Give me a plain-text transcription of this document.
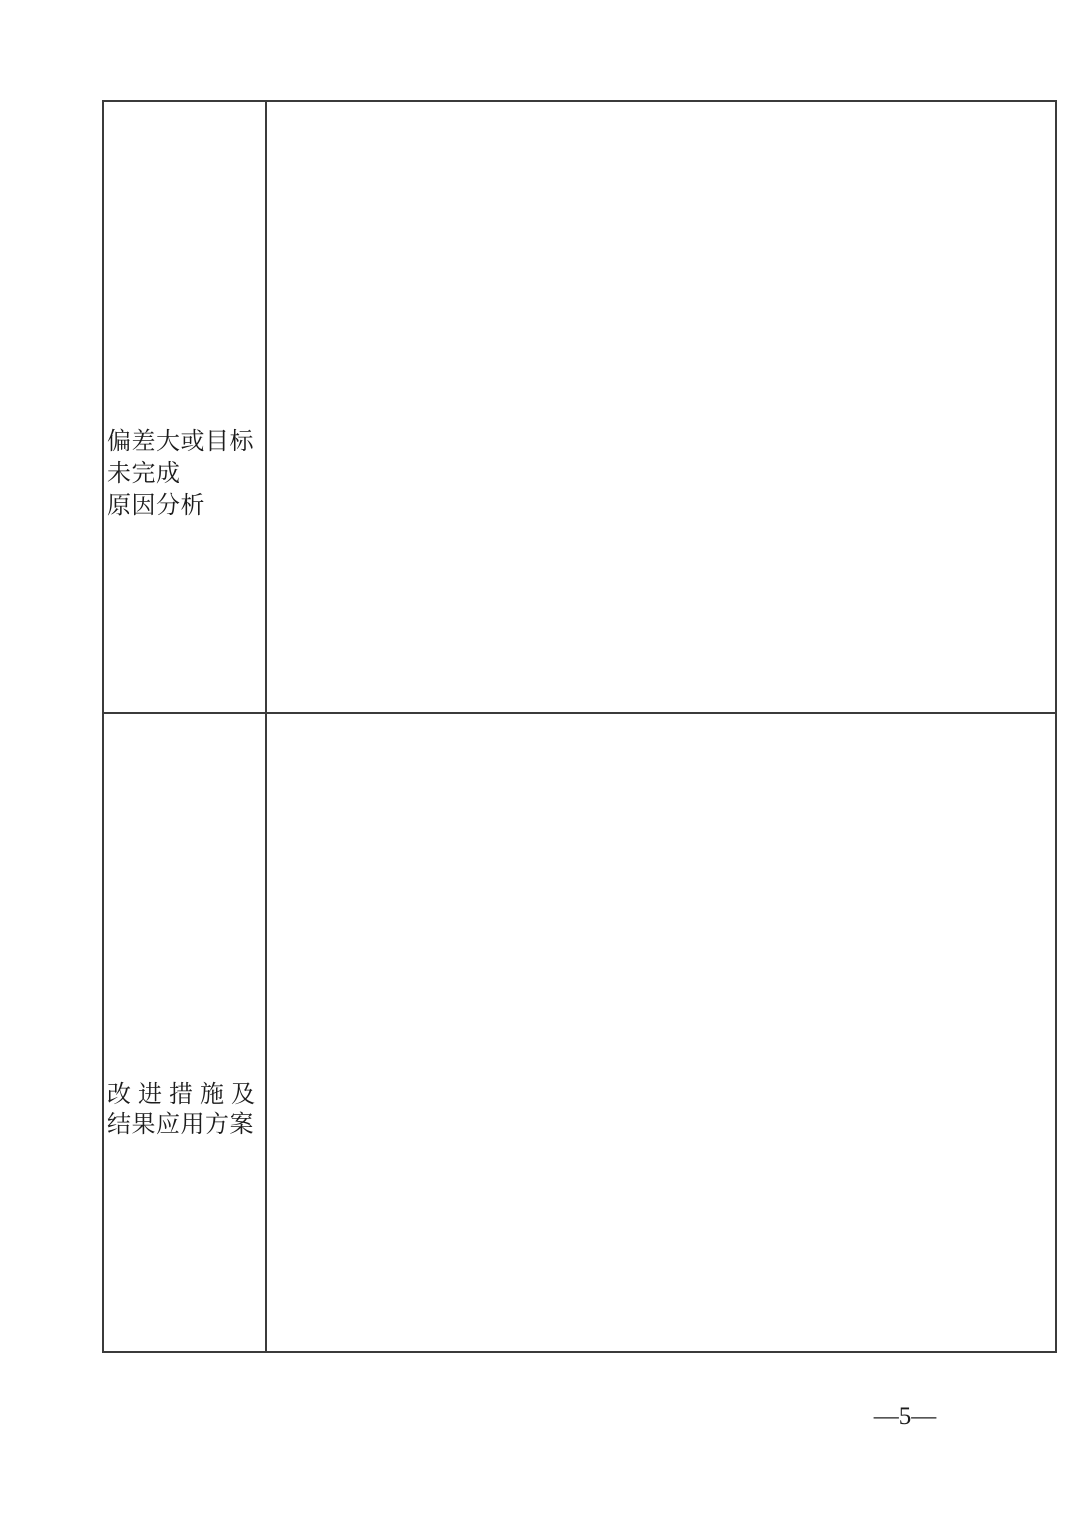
偏差大或目标
未完成
原因分析
改 进 措 施 及
结果应用方案
—5—
